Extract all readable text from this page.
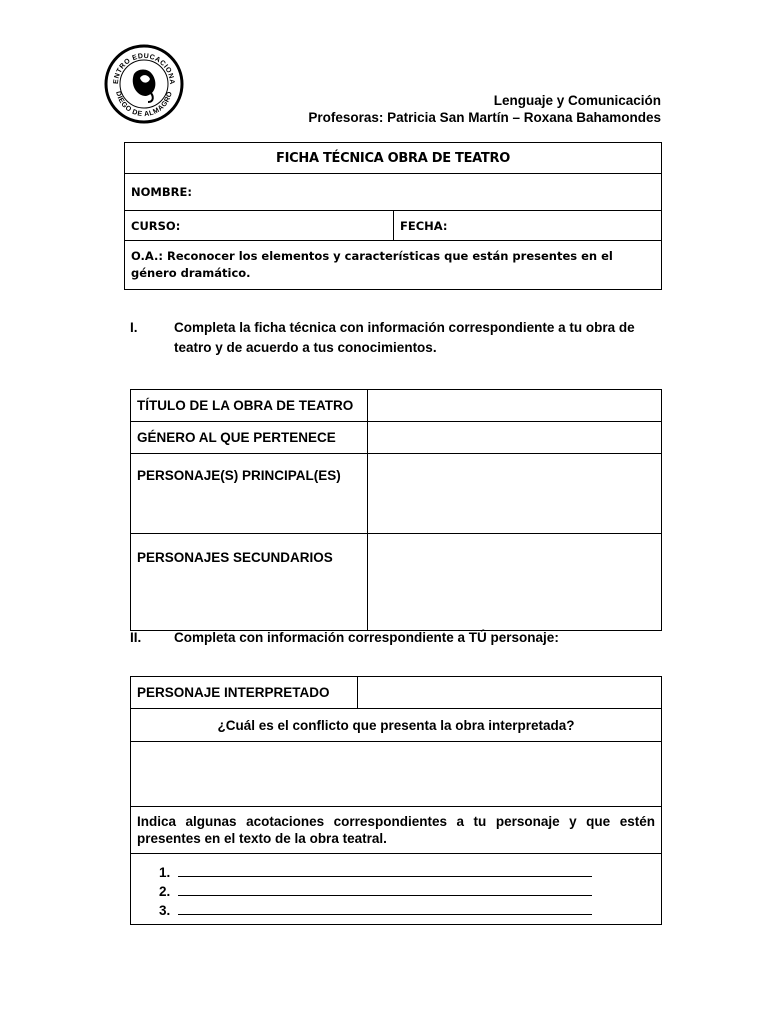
ENTRO EDUCACIONA
DIEGO DE ALMAGRO	Lenguaje y Comunicación
Profesoras: Patricia San Martín – Roxana Bahamondes
FICHA TÉCNICA OBRA DE TEATRO
NOMBRE:
CURSO:	FECHA:
O.A.: Reconocer los elementos y características que están presentes en el género dramático.
I.	Completa la ficha técnica con información correspondiente a tu obra de teatro y de acuerdo a tus conocimientos.
TÍTULO DE LA OBRA DE TEATRO	
GÉNERO AL QUE PERTENECE	
PERSONAJE(S) PRINCIPAL(ES)	
PERSONAJES SECUNDARIOS	
II. Completa con información correspondiente a TÚ personaje:
PERSONAJE INTERPRETADO	
¿Cuál es el conflicto que presenta la obra interpretada?

Indica algunas acotaciones correspondientes a tu personaje y que estén presentes en el texto de la obra teatral.

1.
2.
3.
